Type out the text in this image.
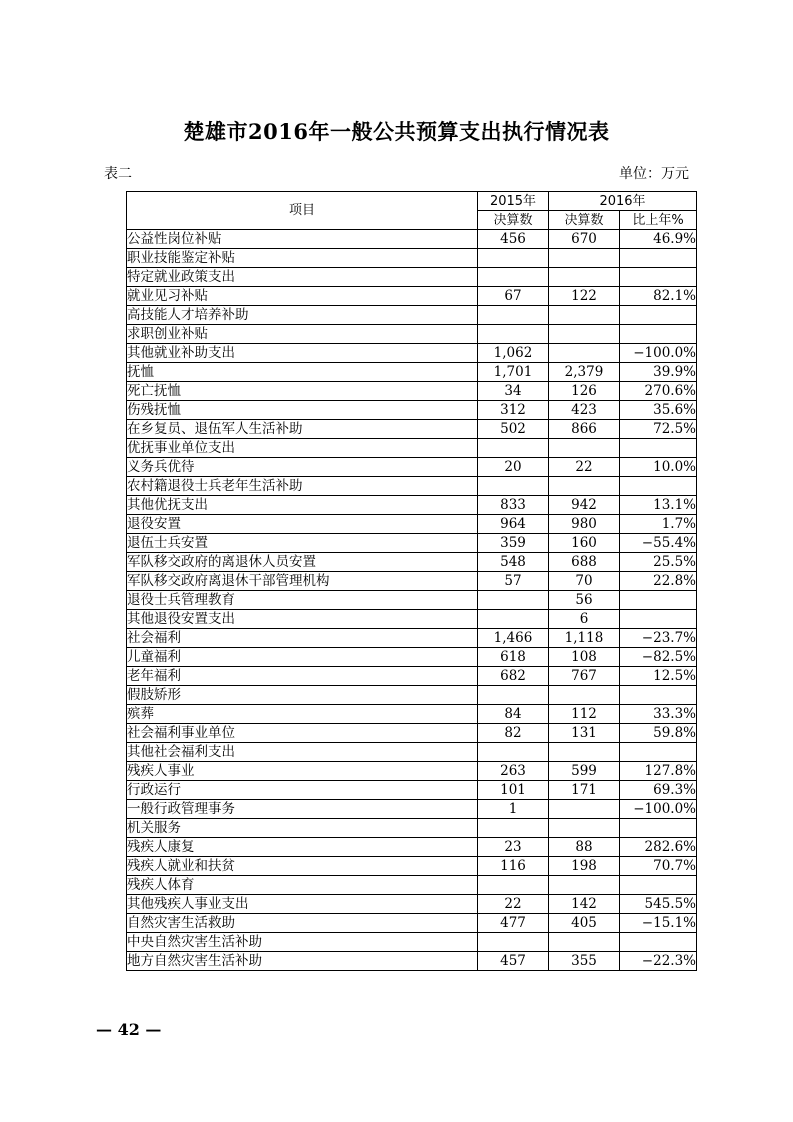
楚雄市2016年一般公共预算支出执行情况表
表二	单位：万元
项目	2015年	2016年	
	决算数	决算数	比上年%
公益性岗位补贴	456	670	46.9%
职业技能鉴定补贴			
特定就业政策支出			
就业见习补贴	67	122	82.1%
高技能人才培养补助			
求职创业补贴			
其他就业补助支出	1,062		−100.0%
抚恤	1,701	2,379	39.9%
死亡抚恤	34	126	270.6%
伤残抚恤	312	423	35.6%
在乡复员、退伍军人生活补助	502	866	72.5%
优抚事业单位支出			
义务兵优待	20	22	10.0%
农村籍退役士兵老年生活补助			
其他优抚支出	833	942	13.1%
退役安置	964	980	1.7%
退伍士兵安置	359	160	−55.4%
军队移交政府的离退休人员安置	548	688	25.5%
军队移交政府离退休干部管理机构	57	70	22.8%
退役士兵管理教育		56	
其他退役安置支出		6	
社会福利	1,466	1,118	−23.7%
儿童福利	618	108	−82.5%
老年福利	682	767	12.5%
假肢矫形			
殡葬	84	112	33.3%
社会福利事业单位	82	131	59.8%
其他社会福利支出			
残疾人事业	263	599	127.8%
行政运行	101	171	69.3%
一般行政管理事务	1		−100.0%
机关服务			
残疾人康复	23	88	282.6%
残疾人就业和扶贫	116	198	70.7%
残疾人体育			
其他残疾人事业支出	22	142	545.5%
自然灾害生活救助	477	405	−15.1%
中央自然灾害生活补助			
地方自然灾害生活补助	457	355	−22.3%
— 42 —
